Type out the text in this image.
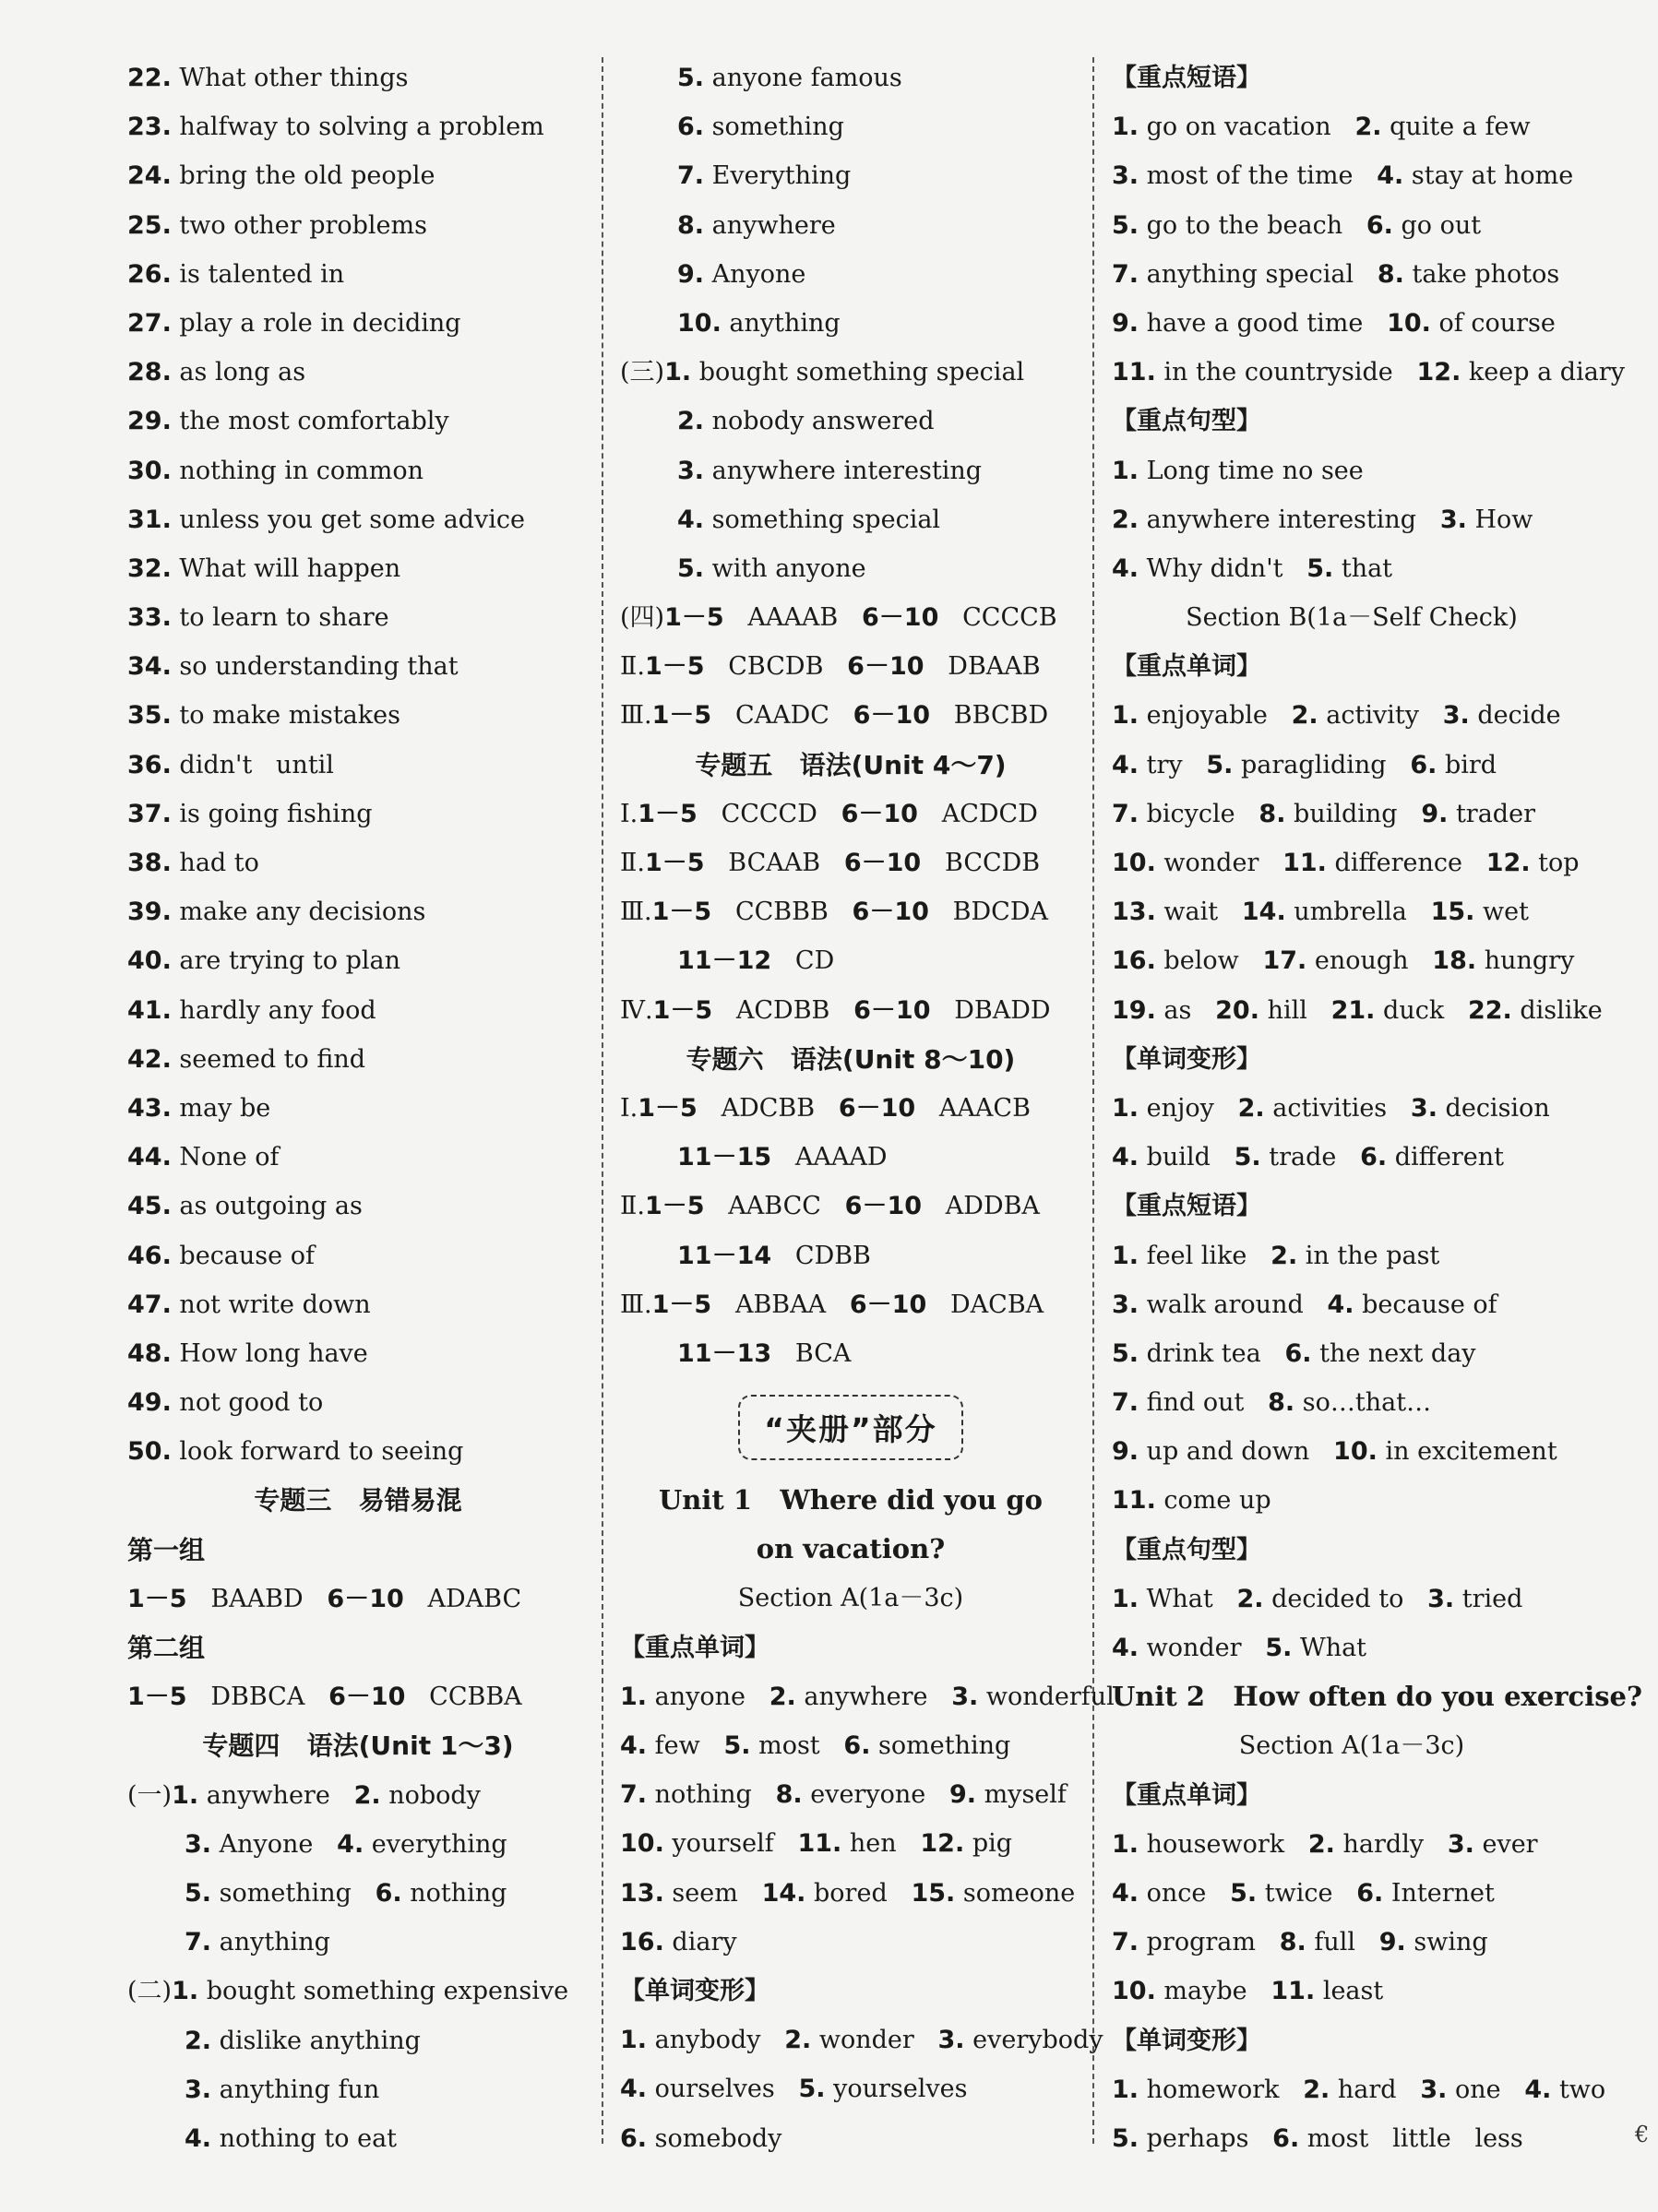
22. What other things
23. halfway to solving a problem
24. bring the old people
25. two other problems
26. is talented in
27. play a role in deciding
28. as long as
29. the most comfortably
30. nothing in common
31. unless you get some advice
32. What will happen
33. to learn to share
34. so understanding that
35. to make mistakes
36. didn't   until
37. is going fishing
38. had to
39. make any decisions
40. are trying to plan
41. hardly any food
42. seemed to find
43. may be
44. None of
45. as outgoing as
46. because of
47. not write down
48. How long have
49. not good to
50. look forward to seeing
专题三   易错易混
第一组
1－5   BAABD   6－10   ADABC
第二组
1－5   DBBCA   6－10   CCBBA
专题四   语法(Unit 1～3)
(一)1. anywhere   2. nobody
3. Anyone   4. everything
5. something   6. nothing
7. anything
(二)1. bought something expensive
2. dislike anything
3. anything fun
4. nothing to eat
5. anyone famous
6. something
7. Everything
8. anywhere
9. Anyone
10. anything
(三)1. bought something special
2. nobody answered
3. anywhere interesting
4. something special
5. with anyone
(四)1－5   AAAAB   6－10   CCCCB
Ⅱ.1－5   CBCDB   6－10   DBAAB
Ⅲ.1－5   CAADC   6－10   BBCBD
专题五   语法(Unit 4～7)
Ⅰ.1－5   CCCCD   6－10   ACDCD
Ⅱ.1－5   BCAAB   6－10   BCCDB
Ⅲ.1－5   CCBBB   6－10   BDCDA
11－12   CD
Ⅳ.1－5   ACDBB   6－10   DBADD
专题六   语法(Unit 8～10)
Ⅰ.1－5   ADCBB   6－10   AAACB
11－15   AAAAD
Ⅱ.1－5   AABCC   6－10   ADDBA
11－14   CDBB
Ⅲ.1－5   ABBAA   6－10   DACBA
11－13   BCA
“夹册”部分
Unit 1   Where did you go
on vacation?
Section A(1a－3c)
【重点单词】
1. anyone   2. anywhere   3. wonderful
4. few   5. most   6. something
7. nothing   8. everyone   9. myself
10. yourself   11. hen   12. pig
13. seem   14. bored   15. someone
16. diary
【单词变形】
1. anybody   2. wonder   3. everybody
4. ourselves   5. yourselves
6. somebody
【重点短语】
1. go on vacation   2. quite a few
3. most of the time   4. stay at home
5. go to the beach   6. go out
7. anything special   8. take photos
9. have a good time   10. of course
11. in the countryside   12. keep a diary
【重点句型】
1. Long time no see
2. anywhere interesting   3. How
4. Why didn't   5. that
Section B(1a－Self Check)
【重点单词】
1. enjoyable   2. activity   3. decide
4. try   5. paragliding   6. bird
7. bicycle   8. building   9. trader
10. wonder   11. difference   12. top
13. wait   14. umbrella   15. wet
16. below   17. enough   18. hungry
19. as   20. hill   21. duck   22. dislike
【单词变形】
1. enjoy   2. activities   3. decision
4. build   5. trade   6. different
【重点短语】
1. feel like   2. in the past
3. walk around   4. because of
5. drink tea   6. the next day
7. find out   8. so…that…
9. up and down   10. in excitement
11. come up
【重点句型】
1. What   2. decided to   3. tried
4. wonder   5. What
Unit 2   How often do you exercise?
Section A(1a－3c)
【重点单词】
1. housework   2. hardly   3. ever
4. once   5. twice   6. Internet
7. program   8. full   9. swing
10. maybe   11. least
【单词变形】
1. homework   2. hard   3. one   4. two
5. perhaps   6. most   little   less	€
